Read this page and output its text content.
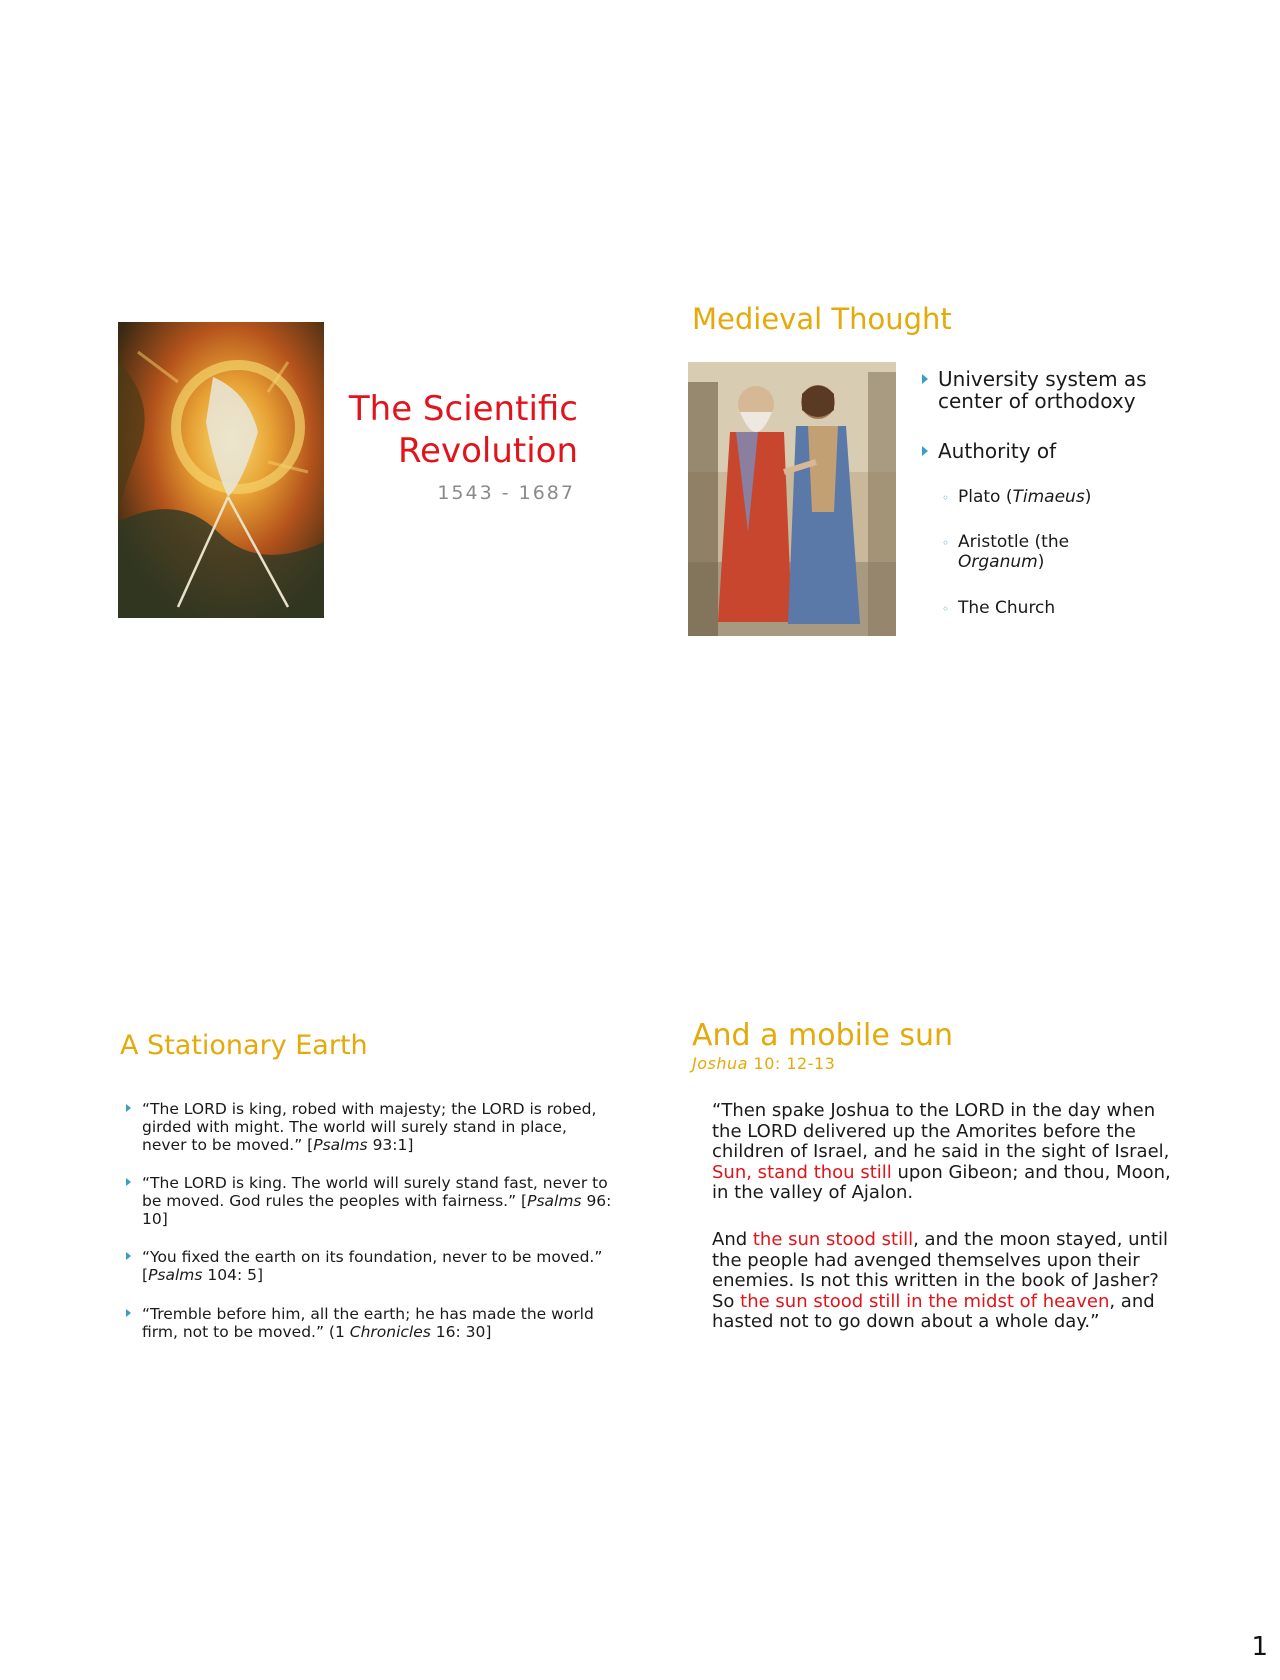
The Scientific
Revolution
1543 - 1687
Medieval Thought
University system as
center of orthodoxy
Authority of
◦ Plato (Timaeus)
◦ Aristotle (the
Organum)
◦ The Church
A Stationary Earth
“The LORD is king, robed with majesty; the LORD is robed, girded with might. The world will surely stand in place, never to be moved.” [Psalms 93:1]
“The LORD is king. The world will surely stand fast, never to be moved. God rules the peoples with fairness.” [Psalms 96: 10]
“You fixed the earth on its foundation, never to be moved.” [Psalms 104: 5]
“Tremble before him, all the earth; he has made the world firm, not to be moved.” (1 Chronicles 16: 30]
And a mobile sun
Joshua 10: 12-13
“Then spake Joshua to the LORD in the day when the LORD delivered up the Amorites before the children of Israel, and he said in the sight of Israel, Sun, stand thou still upon Gibeon; and thou, Moon, in the valley of Ajalon.
And the sun stood still, and the moon stayed, until the people had avenged themselves upon their enemies. Is not this written in the book of Jasher? So the sun stood still in the midst of heaven, and hasted not to go down about a whole day.”
1
